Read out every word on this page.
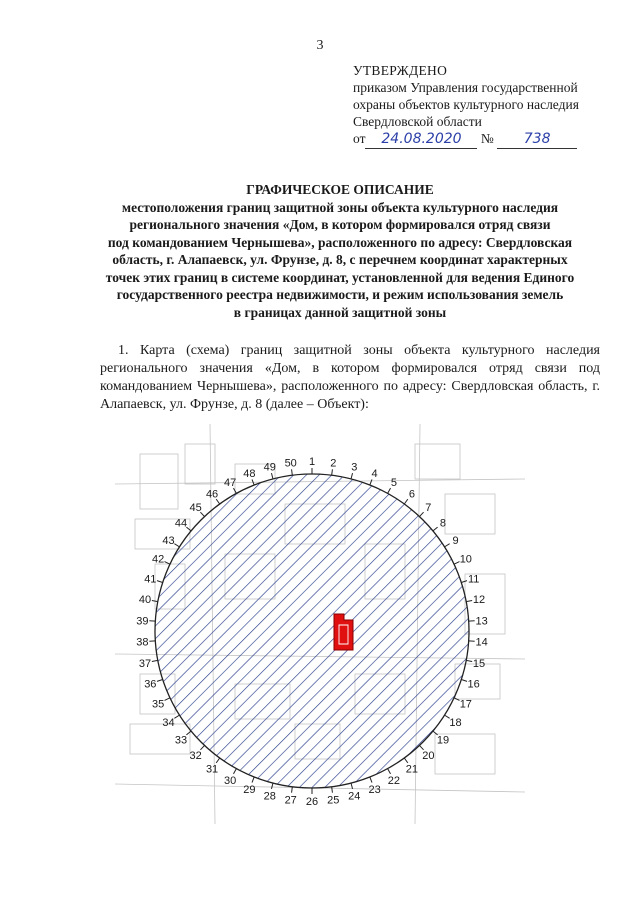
3
УТВЕРЖДЕНО
приказом Управления государственной
охраны объектов культурного наследия
Свердловской области
от 24.08.2020 № 738
ГРАФИЧЕСКОЕ ОПИСАНИЕ
местоположения границ защитной зоны объекта культурного наследия
регионального значения «Дом, в котором формировался отряд связи
под командованием Чернышева», расположенного по адресу: Свердловская
область, г. Алапаевск, ул. Фрунзе, д. 8, с перечнем координат характерных
точек этих границ в системе координат, установленной для ведения Единого
государственного реестра недвижимости, и режим использования земель
в границах данной защитной зоны
1. Карта (схема) границ защитной зоны объекта культурного наследия регионального значения «Дом, в котором формировался отряд связи под командованием Чернышева», расположенного по адресу: Свердловская область, г. Алапаевск, ул. Фрунзе, д. 8 (далее – Объект):
1 2 3
4
5
6
7
8
9
10
11
12
13
14
15
16
17
18
19
20
21
22
23
24
25
26
27
28
29
30
31
32
33
34
35
36
37
38
39
40
41
42
43
44
45
46
47
48
49 50
